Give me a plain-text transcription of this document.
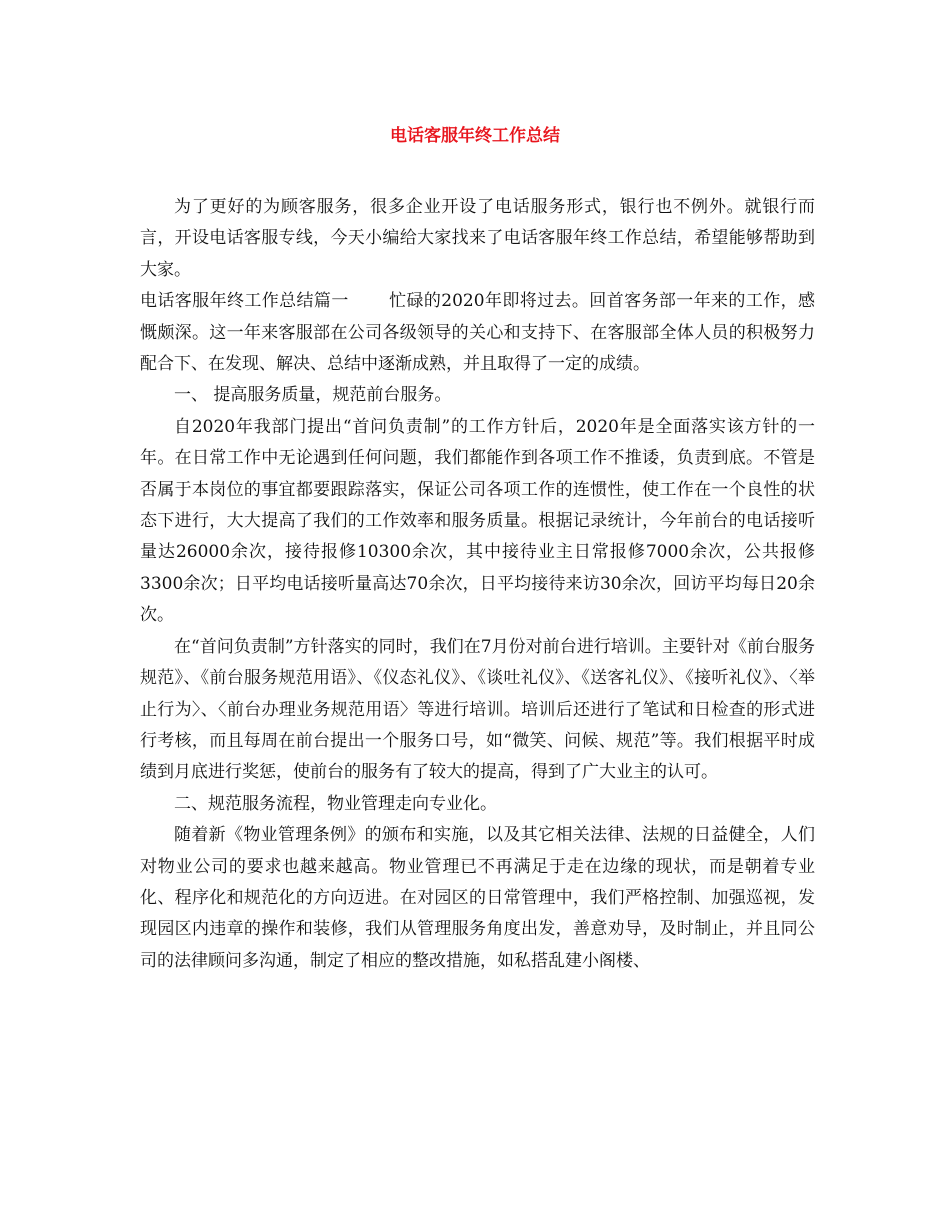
电话客服年终工作总结

为了更好的为顾客服务，很多企业开设了电话服务形式，银行也不例外。就银行而言，开设电话客服专线，今天小编给大家找来了电话客服年终工作总结，希望能够帮助到大家。

电话客服年终工作总结篇一 忙碌的2020年即将过去。回首客务部一年来的工作，感慨颇深。这一年来客服部在公司各级领导的关心和支持下、在客服部全体人员的积极努力配合下、在发现、解决、总结中逐渐成熟，并且取得了一定的成绩。

一、 提高服务质量，规范前台服务。

自2020年我部门提出“首问负责制”的工作方针后，2020年是全面落实该方针的一年。在日常工作中无论遇到任何问题，我们都能作到各项工作不推诿，负责到底。不管是否属于本岗位的事宜都要跟踪落实，保证公司各项工作的连惯性，使工作在一个良性的状态下进行，大大提高了我们的工作效率和服务质量。根据记录统计，今年前台的电话接听量达26000余次，接待报修10300余次，其中接待业主日常报修7000余次，公共报修3300余次；日平均电话接听量高达70余次，日平均接待来访30余次，回访平均每日20余次。

在“首问负责制”方针落实的同时，我们在7月份对前台进行培训。主要针对《前台服务规范》、《前台服务规范用语》、《仪态礼仪》、《谈吐礼仪》、《送客礼仪》、《接听礼仪》、〈举止行为〉、〈前台办理业务规范用语〉等进行培训。培训后还进行了笔试和日检查的形式进行考核，而且每周在前台提出一个服务口号，如“微笑、问候、规范”等。我们根据平时成绩到月底进行奖惩，使前台的服务有了较大的提高，得到了广大业主的认可。

二、规范服务流程，物业管理走向专业化。

随着新《物业管理条例》的颁布和实施，以及其它相关法律、法规的日益健全，人们对物业公司的要求也越来越高。物业管理已不再满足于走在边缘的现状，而是朝着专业化、程序化和规范化的方向迈进。在对园区的日常管理中，我们严格控制、加强巡视，发现园区内违章的操作和装修，我们从管理服务角度出发，善意劝导，及时制止，并且同公司的法律顾问多沟通，制定了相应的整改措施，如私搭乱建小阁楼、
